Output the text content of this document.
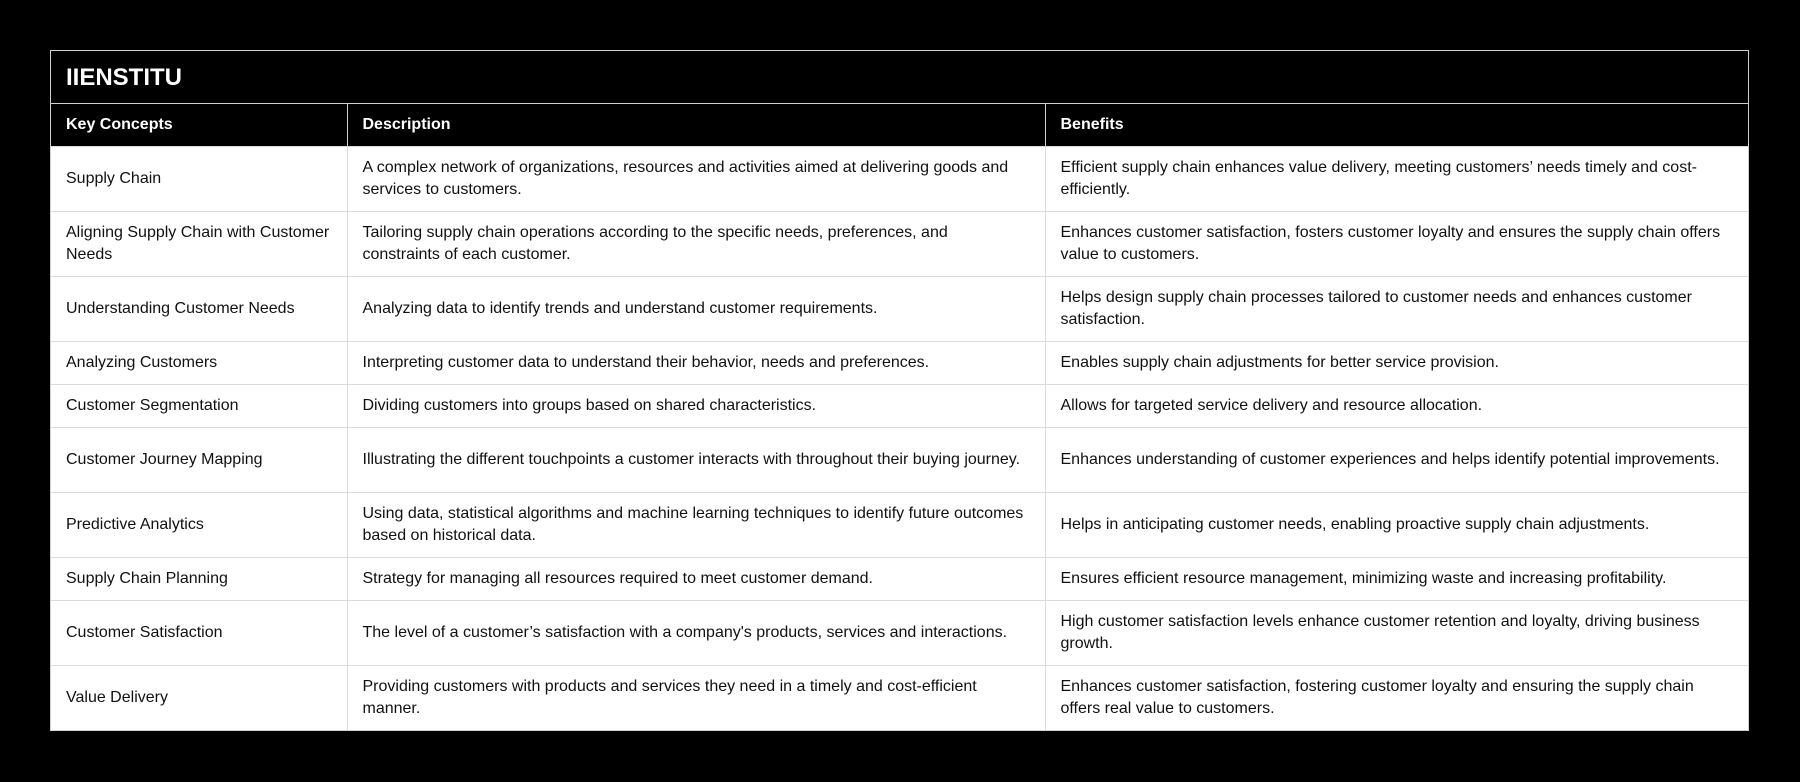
IIENSTITU
Key Concepts	Description	Benefits
Supply Chain	A complex network of organizations, resources and activities aimed at delivering goods and services to customers.	Efficient supply chain enhances value delivery, meeting customers’ needs timely and cost-efficiently.
Aligning Supply Chain with Customer Needs	Tailoring supply chain operations according to the specific needs, preferences, and constraints of each customer.	Enhances customer satisfaction, fosters customer loyalty and ensures the supply chain offers value to customers.
Understanding Customer Needs	Analyzing data to identify trends and understand customer requirements.	Helps design supply chain processes tailored to customer needs and enhances customer satisfaction.
Analyzing Customers	Interpreting customer data to understand their behavior, needs and preferences.	Enables supply chain adjustments for better service provision.
Customer Segmentation	Dividing customers into groups based on shared characteristics.	Allows for targeted service delivery and resource allocation.
Customer Journey Mapping	Illustrating the different touchpoints a customer interacts with throughout their buying journey.	Enhances understanding of customer experiences and helps identify potential improvements.
Predictive Analytics	Using data, statistical algorithms and machine learning techniques to identify future outcomes based on historical data.	Helps in anticipating customer needs, enabling proactive supply chain adjustments.
Supply Chain Planning	Strategy for managing all resources required to meet customer demand.	Ensures efficient resource management, minimizing waste and increasing profitability.
Customer Satisfaction	The level of a customer’s satisfaction with a company's products, services and interactions.	High customer satisfaction levels enhance customer retention and loyalty, driving business growth.
Value Delivery	Providing customers with products and services they need in a timely and cost-efficient manner.	Enhances customer satisfaction, fostering customer loyalty and ensuring the supply chain offers real value to customers.
